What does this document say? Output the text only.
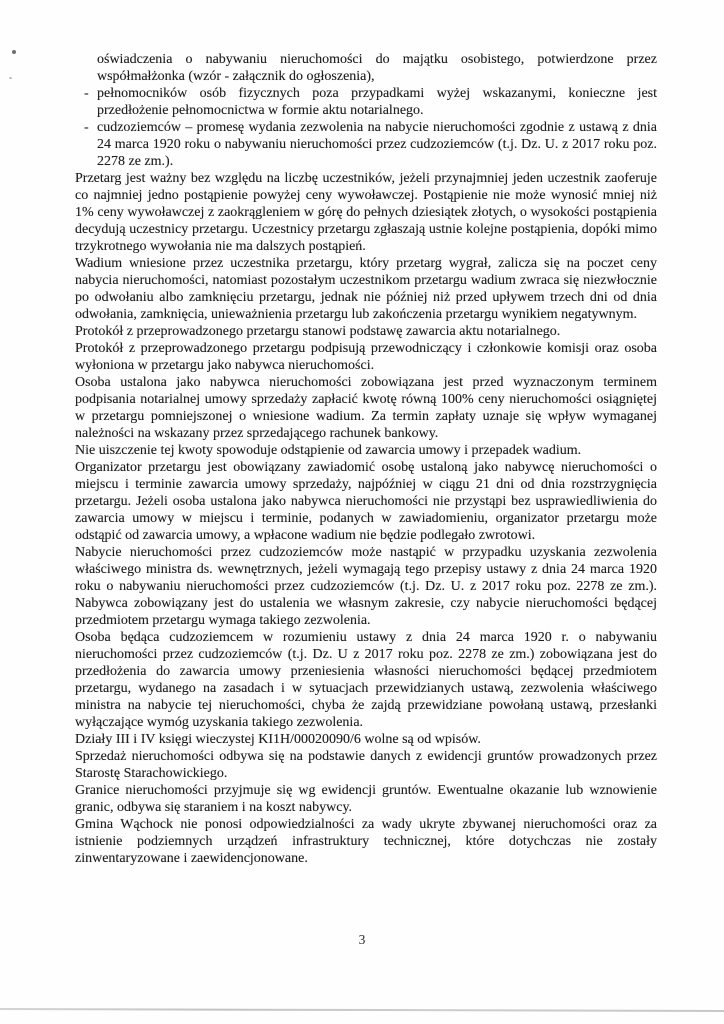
oświadczenia o nabywaniu nieruchomości do majątku osobistego, potwierdzone przez współmałżonka (wzór - załącznik do ogłoszenia),
- pełnomocników osób fizycznych poza przypadkami wyżej wskazanymi, konieczne jest przedłożenie pełnomocnictwa w formie aktu notarialnego.
- cudzoziemców – promesę wydania zezwolenia na nabycie nieruchomości zgodnie z ustawą z dnia 24 marca 1920 roku o nabywaniu nieruchomości przez cudzoziemców (t.j. Dz. U. z 2017 roku poz. 2278 ze zm.).

Przetarg jest ważny bez względu na liczbę uczestników, jeżeli przynajmniej jeden uczestnik zaoferuje co najmniej jedno postąpienie powyżej ceny wywoławczej. Postąpienie nie może wynosić mniej niż 1% ceny wywoławczej z zaokrągleniem w górę do pełnych dziesiątek złotych, o wysokości postąpienia decydują uczestnicy przetargu. Uczestnicy przetargu zgłaszają ustnie kolejne postąpienia, dopóki mimo trzykrotnego wywołania nie ma dalszych postąpień.

Wadium wniesione przez uczestnika przetargu, który przetarg wygrał, zalicza się na poczet ceny nabycia nieruchomości, natomiast pozostałym uczestnikom przetargu wadium zwraca się niezwłocznie po odwołaniu albo zamknięciu przetargu, jednak nie później niż przed upływem trzech dni od dnia odwołania, zamknięcia, unieważnienia przetargu lub zakończenia przetargu wynikiem negatywnym.

Protokół z przeprowadzonego przetargu stanowi podstawę zawarcia aktu notarialnego.

Protokół z przeprowadzonego przetargu podpisują przewodniczący i członkowie komisji oraz osoba wyłoniona w przetargu jako nabywca nieruchomości.

Osoba ustalona jako nabywca nieruchomości zobowiązana jest przed wyznaczonym terminem podpisania notarialnej umowy sprzedaży zapłacić kwotę równą 100% ceny nieruchomości osiągniętej w przetargu pomniejszonej o wniesione wadium. Za termin zapłaty uznaje się wpływ wymaganej należności na wskazany przez sprzedającego rachunek bankowy.

Nie uiszczenie tej kwoty spowoduje odstąpienie od zawarcia umowy i przepadek wadium.

Organizator przetargu jest obowiązany zawiadomić osobę ustaloną jako nabywcę nieruchomości o miejscu i terminie zawarcia umowy sprzedaży, najpóźniej w ciągu 21 dni od dnia rozstrzygnięcia przetargu. Jeżeli osoba ustalona jako nabywca nieruchomości nie przystąpi bez usprawiedliwienia do zawarcia umowy w miejscu i terminie, podanych w zawiadomieniu, organizator przetargu może odstąpić od zawarcia umowy, a wpłacone wadium nie będzie podlegało zwrotowi.

Nabycie nieruchomości przez cudzoziemców może nastąpić w przypadku uzyskania zezwolenia właściwego ministra ds. wewnętrznych, jeżeli wymagają tego przepisy ustawy z dnia 24 marca 1920 roku o nabywaniu nieruchomości przez cudzoziemców (t.j. Dz. U. z 2017 roku poz. 2278 ze zm.). Nabywca zobowiązany jest do ustalenia we własnym zakresie, czy nabycie nieruchomości będącej przedmiotem przetargu wymaga takiego zezwolenia.

Osoba będąca cudzoziemcem w rozumieniu ustawy z dnia 24 marca 1920 r. o nabywaniu nieruchomości przez cudzoziemców (t.j. Dz. U z 2017 roku poz. 2278 ze zm.) zobowiązana jest do przedłożenia do zawarcia umowy przeniesienia własności nieruchomości będącej przedmiotem przetargu, wydanego na zasadach i w sytuacjach przewidzianych ustawą, zezwolenia właściwego ministra na nabycie tej nieruchomości, chyba że zajdą przewidziane powołaną ustawą, przesłanki wyłączające wymóg uzyskania takiego zezwolenia.

Działy III i IV księgi wieczystej KI1H/00020090/6 wolne są od wpisów.

Sprzedaż nieruchomości odbywa się na podstawie danych z ewidencji gruntów prowadzonych przez Starostę Starachowickiego.

Granice nieruchomości przyjmuje się wg ewidencji gruntów. Ewentualne okazanie lub wznowienie granic, odbywa się staraniem i na koszt nabywcy.

Gmina Wąchock nie ponosi odpowiedzialności za wady ukryte zbywanej nieruchomości oraz za istnienie podziemnych urządzeń infrastruktury technicznej, które dotychczas nie zostały zinwentaryzowane i zaewidencjonowane.

3
